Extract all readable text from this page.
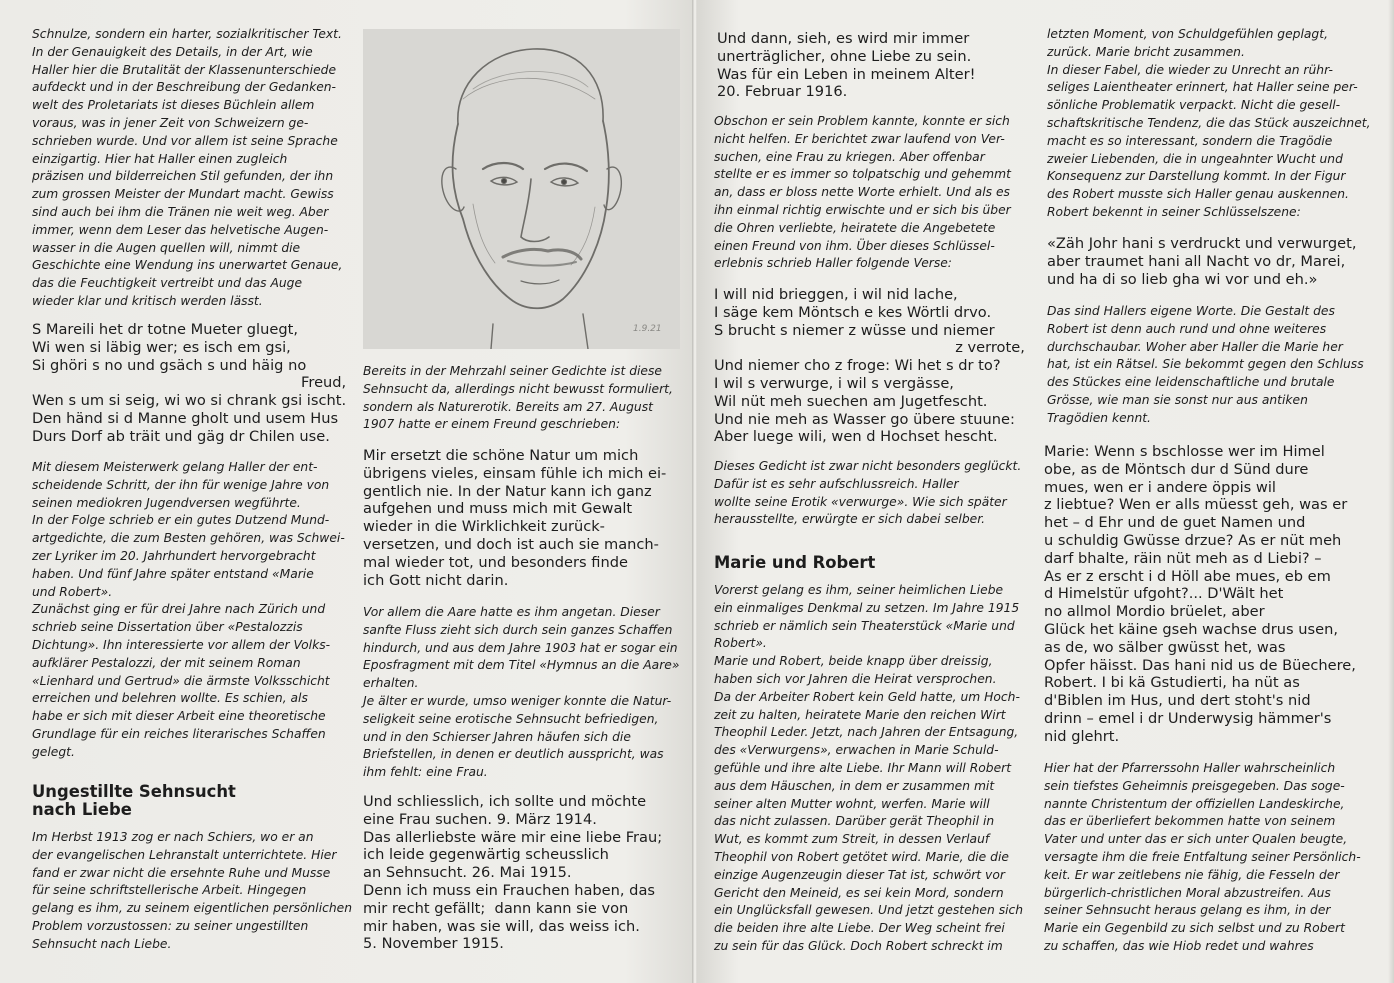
Schnulze, sondern ein harter, sozialkritischer Text.
In der Genauigkeit des Details, in der Art, wie
Haller hier die Brutalität der Klassenunterschiede
aufdeckt und in der Beschreibung der Gedanken-
welt des Proletariats ist dieses Büchlein allem
voraus, was in jener Zeit von Schweizern ge-
schrieben wurde. Und vor allem ist seine Sprache
einzigartig. Hier hat Haller einen zugleich
präzisen und bilderreichen Stil gefunden, der ihn
zum grossen Meister der Mundart macht. Gewiss
sind auch bei ihm die Tränen nie weit weg. Aber
immer, wenn dem Leser das helvetische Augen-
wasser in die Augen quellen will, nimmt die
Geschichte eine Wendung ins unerwartet Genaue,
das die Feuchtigkeit vertreibt und das Auge
wieder klar und kritisch werden lässt.

S Mareili het dr totne Mueter gluegt,
Wi wen si läbig wer; es isch em gsi,
Si ghöri s no und gsäch s und häig no
Freud,
Wen s um si seig, wi wo si chrank gsi ischt.
Den händ si d Manne gholt und usem Hus
Durs Dorf ab träit und gäg dr Chilen use.

Mit diesem Meisterwerk gelang Haller der ent-
scheidende Schritt, der ihn für wenige Jahre von
seinen mediokren Jugendversen wegführte.
In der Folge schrieb er ein gutes Dutzend Mund-
artgedichte, die zum Besten gehören, was Schwei-
zer Lyriker im 20. Jahrhundert hervorgebracht
haben. Und fünf Jahre später entstand «Marie
und Robert».
Zunächst ging er für drei Jahre nach Zürich und
schrieb seine Dissertation über «Pestalozzis
Dichtung». Ihn interessierte vor allem der Volks-
aufklärer Pestalozzi, der mit seinem Roman
«Lienhard und Gertrud» die ärmste Volksschicht
erreichen und belehren wollte. Es schien, als
habe er sich mit dieser Arbeit eine theoretische
Grundlage für ein reiches literarisches Schaffen
gelegt.

Ungestillte Sehnsucht
nach Liebe

Im Herbst 1913 zog er nach Schiers, wo er an
der evangelischen Lehranstalt unterrichtete. Hier
fand er zwar nicht die ersehnte Ruhe und Musse
für seine schriftstellerische Arbeit. Hingegen
gelang es ihm, zu seinem eigentlichen persönlichen
Problem vorzustossen: zu seiner ungestillten
Sehnsucht nach Liebe.

1.9.21

Bereits in der Mehrzahl seiner Gedichte ist diese
Sehnsucht da, allerdings nicht bewusst formuliert,
sondern als Naturerotik. Bereits am 27. August
1907 hatte er einem Freund geschrieben:

Mir ersetzt die schöne Natur um mich
übrigens vieles, einsam fühle ich mich ei-
gentlich nie. In der Natur kann ich ganz
aufgehen und muss mich mit Gewalt
wieder in die Wirklichkeit zurück-
versetzen, und doch ist auch sie manch-
mal wieder tot, und besonders finde
ich Gott nicht darin.

Vor allem die Aare hatte es ihm angetan. Dieser
sanfte Fluss zieht sich durch sein ganzes Schaffen
hindurch, und aus dem Jahre 1903 hat er sogar ein
Eposfragment mit dem Titel «Hymnus an die Aare»
erhalten.
Je älter er wurde, umso weniger konnte die Natur-
seligkeit seine erotische Sehnsucht befriedigen,
und in den Schierser Jahren häufen sich die
Briefstellen, in denen er deutlich ausspricht, was
ihm fehlt: eine Frau.

Und schliesslich, ich sollte und möchte
eine Frau suchen. 9. März 1914.
Das allerliebste wäre mir eine liebe Frau;
ich leide gegenwärtig scheusslich
an Sehnsucht. 26. Mai 1915.
Denn ich muss ein Frauchen haben, das
mir recht gefällt;  dann kann sie von
mir haben, was sie will, das weiss ich.
5. November 1915.

Und dann, sieh, es wird mir immer
unerträglicher, ohne Liebe zu sein.
Was für ein Leben in meinem Alter!
20. Februar 1916.

Obschon er sein Problem kannte, konnte er sich
nicht helfen. Er berichtet zwar laufend von Ver-
suchen, eine Frau zu kriegen. Aber offenbar
stellte er es immer so tolpatschig und gehemmt
an, dass er bloss nette Worte erhielt. Und als es
ihn einmal richtig erwischte und er sich bis über
die Ohren verliebte, heiratete die Angebetete
einen Freund von ihm. Über dieses Schlüssel-
erlebnis schrieb Haller folgende Verse:

I will nid brieggen, i wil nid lache,
I säge kem Möntsch e kes Wörtli drvo.
S brucht s niemer z wüsse und niemer
z verrote,
Und niemer cho z froge: Wi het s dr to?
I wil s verwurge, i wil s vergässe,
Wil nüt meh suechen am Jugetfescht.
Und nie meh as Wasser go übere stuune:
Aber luege wili, wen d Hochset hescht.

Dieses Gedicht ist zwar nicht besonders geglückt.
Dafür ist es sehr aufschlussreich. Haller
wollte seine Erotik «verwurge». Wie sich später
herausstellte, erwürgte er sich dabei selber.

Marie und Robert

Vorerst gelang es ihm, seiner heimlichen Liebe
ein einmaliges Denkmal zu setzen. Im Jahre 1915
schrieb er nämlich sein Theaterstück «Marie und
Robert».
Marie und Robert, beide knapp über dreissig,
haben sich vor Jahren die Heirat versprochen.
Da der Arbeiter Robert kein Geld hatte, um Hoch-
zeit zu halten, heiratete Marie den reichen Wirt
Theophil Leder. Jetzt, nach Jahren der Entsagung,
des «Verwurgens», erwachen in Marie Schuld-
gefühle und ihre alte Liebe. Ihr Mann will Robert
aus dem Häuschen, in dem er zusammen mit
seiner alten Mutter wohnt, werfen. Marie will
das nicht zulassen. Darüber gerät Theophil in
Wut, es kommt zum Streit, in dessen Verlauf
Theophil von Robert getötet wird. Marie, die die
einzige Augenzeugin dieser Tat ist, schwört vor
Gericht den Meineid, es sei kein Mord, sondern
ein Unglücksfall gewesen. Und jetzt gestehen sich
die beiden ihre alte Liebe. Der Weg scheint frei
zu sein für das Glück. Doch Robert schreckt im

letzten Moment, von Schuldgefühlen geplagt,
zurück. Marie bricht zusammen.
In dieser Fabel, die wieder zu Unrecht an rühr-
seliges Laientheater erinnert, hat Haller seine per-
sönliche Problematik verpackt. Nicht die gesell-
schaftskritische Tendenz, die das Stück auszeichnet,
macht es so interessant, sondern die Tragödie
zweier Liebenden, die in ungeahnter Wucht und
Konsequenz zur Darstellung kommt. In der Figur
des Robert musste sich Haller genau auskennen.
Robert bekennt in seiner Schlüsselszene:

«Zäh Johr hani s verdruckt und verwurget,
aber traumet hani all Nacht vo dr, Marei,
und ha di so lieb gha wi vor und eh.»

Das sind Hallers eigene Worte. Die Gestalt des
Robert ist denn auch rund und ohne weiteres
durchschaubar. Woher aber Haller die Marie her
hat, ist ein Rätsel. Sie bekommt gegen den Schluss
des Stückes eine leidenschaftliche und brutale
Grösse, wie man sie sonst nur aus antiken
Tragödien kennt.

Marie: Wenn s bschlosse wer im Himel
obe, as de Möntsch dur d Sünd dure
mues, wen er i andere öppis wil
z liebtue? Wen er alls müesst geh, was er
het – d Ehr und de guet Namen und
u schuldig Gwüsse drzue? As er nüt meh
darf bhalte, räin nüt meh as d Liebi? –
As er z erscht i d Höll abe mues, eb em
d Himelstür ufgoht?... D'Wält het
no allmol Mordio brüelet, aber
Glück het käine gseh wachse drus usen,
as de, wo sälber gwüsst het, was
Opfer häisst. Das hani nid us de Büechere,
Robert. I bi kä Gstudierti, ha nüt as
d'Biblen im Hus, und dert stoht's nid
drinn – emel i dr Underwysig hämmer's
nid glehrt.

Hier hat der Pfarrerssohn Haller wahrscheinlich
sein tiefstes Geheimnis preisgegeben. Das soge-
nannte Christentum der offiziellen Landeskirche,
das er überliefert bekommen hatte von seinem
Vater und unter das er sich unter Qualen beugte,
versagte ihm die freie Entfaltung seiner Persönlich-
keit. Er war zeitlebens nie fähig, die Fesseln der
bürgerlich-christlichen Moral abzustreifen. Aus
seiner Sehnsucht heraus gelang es ihm, in der
Marie ein Gegenbild zu sich selbst und zu Robert
zu schaffen, das wie Hiob redet und wahres
